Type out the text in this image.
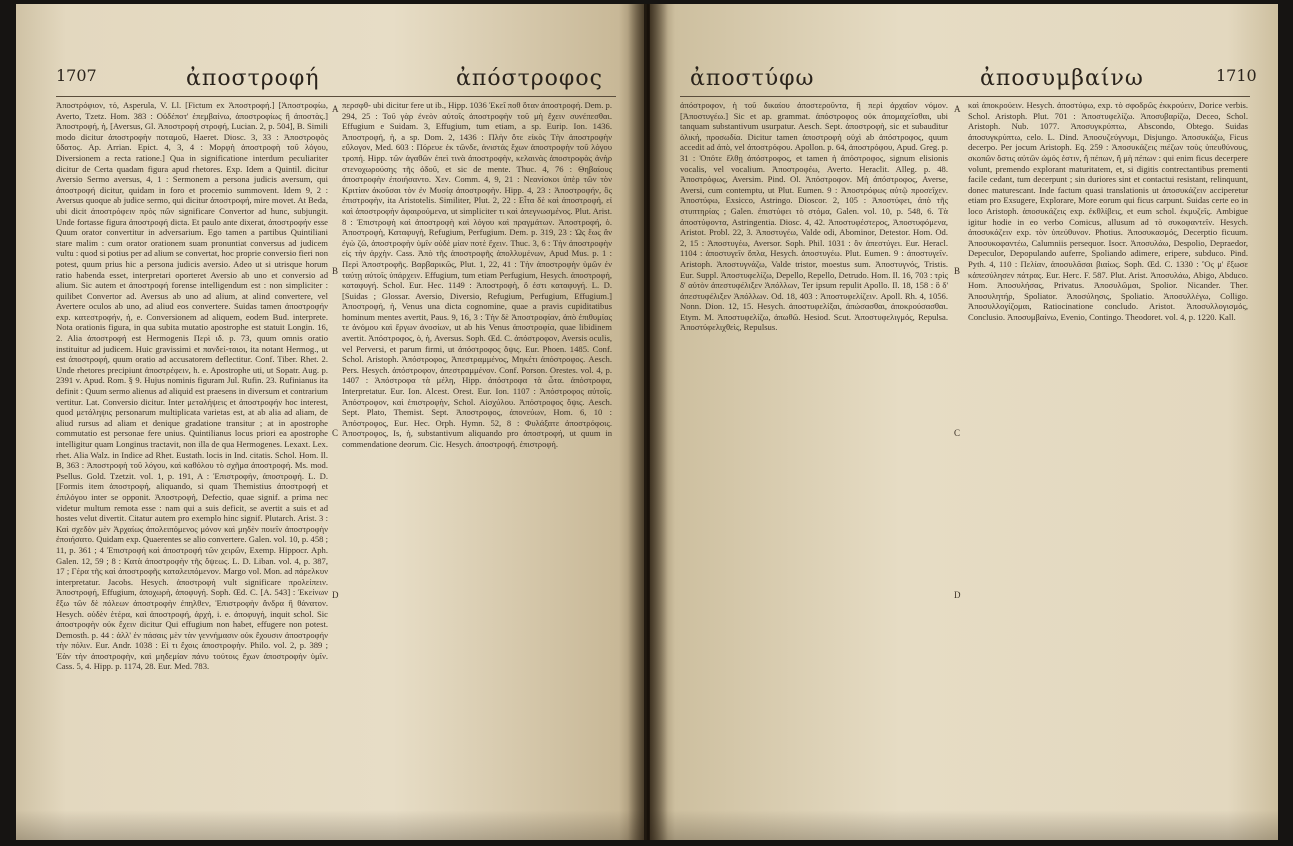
1707	ἀποστροφή	ἀπόστροφος
Ἀποστρόφιον, τό, Asperula, V. Ll. [Fictum ex Ἀποστροφή.] [Ἀποστροφίω, Averto, Tzetz. Hom. 383 : Οὐδέποτ' ἐπεμβαίνω, ἀποστροφίως ἢ ἀποστὰς.] Ἀποστροφή, ἡ, [Aversus, Gl. Ἀποστροφή στροφή, Lucian. 2, p. 504], B. Simili modo dicitur ἀποστροφὴν ποταμοῦ, Haeret. Diosc. 3, 33 : Ἀποστροφὸς ὕδατος. Ap. Arrian. Epict. 4, 3, 4 : Μορφὴ ἀποστροφὴ τοῦ λόγου, Diversionem a recta ratione.] Qua in significatione interdum peculiariter dicitur de Certa quadam figura apud rhetores. Exp. Idem a Quintil. dicitur Aversio Sermo aversus, 4, 1 : Sermonem a persona judicis aversum, qui ἀποστροφή dicitur, quidam in foro et procemio summovent. Idem 9, 2 : Aversus quoque ab judice sermo, qui dicitur ἀποστροφή, mire movet. At Beda, ubi dicit ἀποστρόφειν πρὸς πῶν significare Convertor ad hunc, subjungit. Unde fortasse figura ἀποστροφή dicta. Et paulo ante dixerat, ἀποστροφήν esse Quum orator convertitur in adversarium. Ego tamen a partibus Quintiliani stare malim : cum orator orationem suam pronuntiat conversus ad judicem vultu : quod si potius per ad alium se convertat, hoc proprie conversio fieri non potest, quum prius hic a persona judicis aversio. Adeo ut si utrisque horum ratio habenda esset, interpretari oporteret Aversio ab uno et conversio ad alium. Sic autem et ἀποστροφή forense intelligendum est : non simpliciter : quilibet Convertor ad. Aversus ab uno ad alium, at alind convertere, vel Avertere oculos ab uno, ad aliud eos convertere. Suidas tamen ἀποστροφήν exp. κατεστροφήν, ἡ, e. Conversionem ad aliquem, eodem Bud. interprete. Nota orationis figura, in qua subita mutatio apostrophe est statuit Longin. 16, 2. Alia ἀποστροφή est Hermogenis Περὶ ιδ. p. 73, quum omnis oratio instituitur ad judicem. Huic gravissimi et πανδεί-ταιοι, ita notant Hermog., ut est ἀποστροφή, quum oratio ad accusatorem deflectitur. Conf. Tiber. Rhet. 2. Unde rhetores precipiunt ἀποστρέφειν, h. e. Apostrophe uti, ut Sopatr. Aug. p. 2391 v. Apud. Rom. § 9. Hujus nominis figuram Jul. Rufin. 23. Rufinianus ita definit : Quum sermo alienus ad aliquid est praesens in diversum et contrarium vertitur. Lat. Conversio dicitur. Inter μεταλήψεις et ἀποστροφήν hoc interest, quod μετάληψις personarum multiplicata varietas est, at ab alia ad aliam, de aliud rursus ad aliam et denique gradatione transitur ; at in apostrophe commutatio est personae fere unius. Quintilianus locus priori ea apostrophe intelligitur quam Longinus tractavit, non illa de qua Hermogenes. Lexaxt. Lex. rhet. Alia Walz. in Indice ad Rhet. Eustath. locis in Ind. citatis. Schol. Hom. Il. B, 363 : Ἀποστροφὴ τοῦ λόγου, καὶ καθόλου τὸ σχῆμα ἀποστροφή. Ms. mod. Psellus. Gold. Tzetzit. vol. 1, p. 191, A : Ἐπιστροφὴν, ἀποστροφή. L. D. [Formis item ἀποστροφή, aliquando, si quam Themistius ἀποστροφή et ἐπιλόγου inter se opponit. Ἀποστροφή, Defectio, quae signif. a prima nec videtur multum remota esse : nam qui a suis deficit, se avertit a suis et ad hostes velut divertit. Citatur autem pro exemplo hinc signif. Plutarch. Arist. 3 : Καὶ σχεδὸν μὲν Ἀρχαίως ἀπολειπόμενος μόνον καὶ μηδὲν ποιεῖν ἀποστροφὴν ἐποιήσατο. Quidam exp. Quaerentes se alio convertere. Galen. vol. 10, p. 458 ; 11, p. 361 ; 4 Ἐπιστροφή καὶ ἀποστροφή τῶν χειρῶν, Exemp. Hippocr. Aph. Galen. 12, 59 ; 8 : Κατὰ ἀποστροφὴν τῆς ὄψεως. L. D. Liban. vol. 4, p. 387, 17 ; Γέρα τῆς καὶ ἀποστροφῆς καταλειπόμενον. Margo vol. Mon. ad πάρελκυν interpretatur. Jacobs. Hesych. ἀποστροφή vult significare προλείπειν. Ἀποστροφή, Effugium, ἀποχωρὴ, ἀποφυγή. Soph. Œd. C. [A. 543] : Ἐκείνων ἕξω τῶν δὲ πόλεων ἀποστροφὴν ἐπηλθεν, Ἐπιστροφὴν ἄνδρα ἢ θάνατον. Hesych. οὐδὲν ἑτέρα, καὶ ἀποστροφή, ἀρχή, i. e. ἀποφυγή, inquit schol. Sic ἀποστροφὴν οὐκ ἔχειν dicitur Qui effugium non habet, effugere non potest. Demosth. p. 44 : ἀλλ' ἐν πάσαις μὲν τὰν γεννήμασιν οὐκ ἔχουσιν ἀποστροφήν τὴν πόλιν. Eur. Andr. 1038 : Εἰ τι ἔχοις ἀποστροφὴν. Philo. vol. 2, p. 389 ; Ἐὰν τὴν ἀποστροφὴν, καὶ μηδεμίαν πάνυ τούτοις ἔχων ἀποστροφὴν ὑμῖν. Cass. 5, 4. Hipp. p. 1174, 28. Eur. Med. 783.
περσφθ- ubi dicitur fere ut ib., Hipp. 1036 Ἐκεῖ ποθ ὅταν ἀποστροφή. Dem. p. 294, 25 : Τοῦ γὰρ ἐνεὸν αὐτοῖς ἀποστροφὴν τοῦ μὴ ἔχειν συνέπεσθαι. Effugium e Suidam. 3, Effugium, tum etiam, a sp. Eurip. Ion. 1436. Ἀποστροφή, ἡ, a sp. Dom. 2, 1436 : Πλὴν ὅτε εἰκὸς Τὴν ἀποστροφὴν εὔλογον, Med. 603 : Πόρευε ἐκ τῶνδε, ἀνιστάς ἔχων ἀποστροφὴν τοῦ λόγου τροπή. Hipp. τῶν ἀγαθῶν ἐπεὶ τινὰ ἀποστροφὴν, κελαινὰς ἀποστροφὰς ἀνὴρ στενοχωρούσης τῆς ὁδοῦ, et sic de mente. Thuc. 4, 76 : Θηβαίους ἀποστροφὴν ἐποιήσαντο. Χεν. Comm. 4, 9, 21 : Νεανίσκοι ὑπὲρ τῶν τὸν Κριτίαν ἀκοῦσαι τὸν ἐν Μυσίᾳ ἀποστροφὴν. Hipp. 4, 23 : Ἀποστροφήν, ὃς ἐπιστροφὴν, ita Aristotelis. Similiter, Plut. 2, 22 : Εἶτα δὲ καὶ ἀποστροφή, εἰ καὶ ἀποστροφὴν ἀφαιρούμενα, ut simpliciter τι καὶ ἀπεγνωσμένος. Plut. Arist. 8 : Ἐπιστροφὴ καὶ ἀποστροφὴ καὶ λόγου καὶ πραγμάτων. Ἀποστροφή, ὁ. Ἀποστροφὴ, Καταφυγή, Refugium, Perfugium. Dem. p. 319, 23 : Ὡς ἕως ἂν ἐγὼ ζῶ, ἀποστροφὴν ὑμῖν οὐδὲ μίαν ποτὲ ἔχειν. Thuc. 3, 6 : Τὴν ἀποστροφὴν εἰς τὴν ἀρχὴν. Cass. Ἀπὸ τῆς ἀποστροφῆς ἀπολλυμένων, Apud Mus. p. 1 : Περὶ Ἀποστροφῆς. Βαρβαρικῶς, Plut. 1, 22, 41 : Τὴν ἀποστροφὴν ὑμῶν ἐν ταύτῃ αὐτοῖς ὑπάρχειν. Effugium, tum etiam Perfugium, Hesych. ἀποστροφή, καταφυγή. Schol. Eur. Hec. 1149 : Ἀποστροφὴ, ὅ ἐστι καταφυγή. L. D. [Suidas ; Glossar. Aversio, Diversio, Refugium, Perfugium, Effugium.] Ἀποστροφή, ἡ, Venus una dicta cognomine, quae a pravis cupiditatibus hominum mentes avertit, Paus. 9, 16, 3 : Τὴν δὲ Ἀποστροφίαν, ἀπὸ ἐπιθυμίας τε ἀνόμου καὶ ἔργων ἀνοσίων, ut ab his Venus ἀποστροφία, quae libidinem avertit. Ἀπόστροφος, ὁ, ἡ, Aversus. Soph. Œd. C. ἀπόστροφον, Aversis oculis, vel Perversi, et parum firmi, ut ἀπόστροφος ὄψις. Eur. Phoen. 1485. Conf. Schol. Aristoph. Ἀπόστροφος, Ἀπεστραμμένος, Μηκέτι ἀπόστροφος. Aesch. Pers. Hesych. ἀπόστροφον, ἀπεστραμμένον. Conf. Porson. Orestes. vol. 4, p. 1407 : Ἀπόστροφα τὰ μέλη, Hipp. ἀπόστροφα τὰ ὦτα. ἀπόστροφα, Interpretatur. Eur. Ion. Alcest. Orest. Eur. Ion. 1107 : Ἀπόστροφος αὐτοῖς. Ἀπόστροφον, καὶ ἐπιστροφὴν, Schol. Αἰσχύλου. Ἀπόστροφος ὄψις. Aesch. Sept. Plato, Themist. Sept. Ἀποστροφος, ἀπονεύων, Hom. 6, 10 : Ἀπόστροφος, Eur. Hec. Orph. Hymn. 52, 8 : Φυλάξατε ἀποστρόφοις. Ἀποστροφος, Is, ἡ, substantivum aliquando pro ἀποστροφή, ut quum in commendatione deorum. Cic. Hesych. ἀποστροφή. ἐπιστροφή.
A
B
C
D
ἀποστύφω	ἀποσυμβαίνω	1710
ἀπόστροφον, ἡ τοῦ δικαίου ἀποστεροῦντα, ἢ περὶ ἀρχαῖον νόμον. [Ἀποστυγέω.] Sic et ap. grammat. ἀπόστροφος οὐκ ἀπομαχεῖσθαι, ubi tanquam substantivum usurpatur. Aesch. Sept. ἀποστροφὴ, sic et subauditur ὁλική, προσωδία. Dicitur tamen ἀποστροφὴ οὐχὶ ab ἀπόστροφος, quum accedit ad ἀπὸ, vel ἀποστρόφου. Apollon. p. 64, ἀποστρόφου, Apud. Greg. p. 31 : Ὁπότε ἔλθῃ ἀπόστροφος, et tamen ἡ ἀπόστροφος, signum elisionis vocalis, vel vocalium. Ἀποστροφέω, Averto. Heraclit. Alleg. p. 48. Ἀποστρόφως, Aversim. Pind. Ol. Ἀπόστροφον. Μὴ ἀπόστροφος, Averse, Aversi, cum contemptu, ut Plut. Eumen. 9 : Ἀποστρόφως αὐτῷ προσεῖχεν. Ἀποστύφω, Exsicco, Astringo. Dioscor. 2, 105 : Ἀποστύφει, ἀπὸ τῆς στυπτηρίας ; Galen. ἐπιστύφει τὸ στόμα, Galen. vol. 10, p. 548, 6. Τὰ ἀποστύφοντα, Astringentia. Diosc. 4, 42. Ἀποστυφέστερος, Ἀποστυφόμενα, Aristot. Probl. 22, 3. Ἀποστυγέω, Valde odi, Abominor, Detestor. Hom. Od. 2, 15 : Ἀποστυγέω, Aversor. Soph. Phil. 1031 : ὃν ἀπεστύγει. Eur. Heracl. 1104 : ἀποστυγεῖν ὅπλα, Hesych. ἀποστυγέω. Plut. Eumen. 9 : ἀποστυγεῖν. Aristoph. Ἀποστυγνάζω, Valde tristor, moestus sum. Ἀποστυγνός, Tristis. Eur. Suppl. Ἀποστυφελίζω, Depello, Repello, Detrudo. Hom. Il. 16, 703 : τρὶς δ' αὐτὸν ἀπεστυφέλιξεν Ἀπόλλων, Ter ipsum repulit Apollo. Il. 18, 158 : ὃ δ' ἀπεστυφέλιξεν Ἀπόλλων. Od. 18, 403 : Ἀποστυφελίζειν. Apoll. Rh. 4, 1056. Nonn. Dion. 12, 15. Hesych. ἀποστυφελίξαι, ἀπώσασθαι, ἀποκρούσασθαι. Etym. M. Ἀποστυφελίζω, ἀπωθῶ. Hesiod. Scut. Ἀποστυφελιγμός, Repulsa. Ἀποστύφελιχθεὶς, Repulsus.
καὶ ἀποκρούειν. Hesych. ἀποστύφω, exp. τὸ σφοδρῶς ἐκκρούειν, Dorice verbis. Schol. Aristoph. Plut. 701 : Ἀποστυφελίζω. Ἀποσυβαρίζω, Deceo, Schol. Aristoph. Nub. 1077. Ἀποσυγκρύπτω, Abscondo, Obtego. Suidas ἀποσυγκρύπτω, celo. L. Dind. Ἀποσυζεύγνυμι, Disjungo. Ἀποσυκάζω, Ficus decerpo. Per jocum Aristoph. Eq. 259 : Ἀποσυκάζεις πιέζων τοὺς ὑπευθύνους, σκοπῶν ὅστις αὐτῶν ὠμός ἐστιν, ἢ πέπων, ἢ μὴ πέπων : qui enim ficus decerpere volunt, premendo explorant maturitatem, et, si digitis contrectantibus prementi facile cedant, tum decerpunt ; sin duriores sint et contactui resistant, relinquunt, donec maturescant. Inde factum quasi translationis ut ἀποσυκάζειν acciperetur etiam pro Exsugere, Explorare, More eorum qui ficus carpunt. Suidas certe eo in loco Aristoph. ἀποσυκάζεις exp. ἐκθλίβεις, et eum schol. ἐκμυζεῖς. Ambigue igitur hodie in eo verbo Comicus, allusum ad τὸ συκοφαντεῖν. Hesych. ἀποσυκάζειν exp. τὸν ὑπεύθυνον. Photius. Ἀποσυκασμός, Decerptio ficuum. Ἀποσυκοφαντέω, Calumniis persequor. Isocr. Ἀποσυλάω, Despolio, Depraedor, Depeculor, Depopulando auferre, Spoliando adimere, eripere, subduco. Pind. Pyth. 4, 110 : Πελίαν, ἀποσυλᾶσαι βιαίως. Soph. Œd. C. 1330 : Ὃς μ' ἔξωσε κἀπεσύλησεν πάτρας. Eur. Herc. F. 587. Plut. Arist. Ἀποσυλάω, Abigo, Abduco. Hom. Ἀποσυλήσας, Privatus. Ἀποσυλῶμαι, Spolior. Nicander. Ther. Ἀποσυλητήρ, Spoliator. Ἀποσύλησις, Spoliatio. Ἀποσυλλέγω, Colligo. Ἀποσυλλογίζομαι, Ratiocinatione concludo. Aristot. Ἀποσυλλογισμός, Conclusio. Ἀποσυμβαίνω, Evenio, Contingo. Theodoret. vol. 4, p. 1220. Kall.
A
B
C
D
